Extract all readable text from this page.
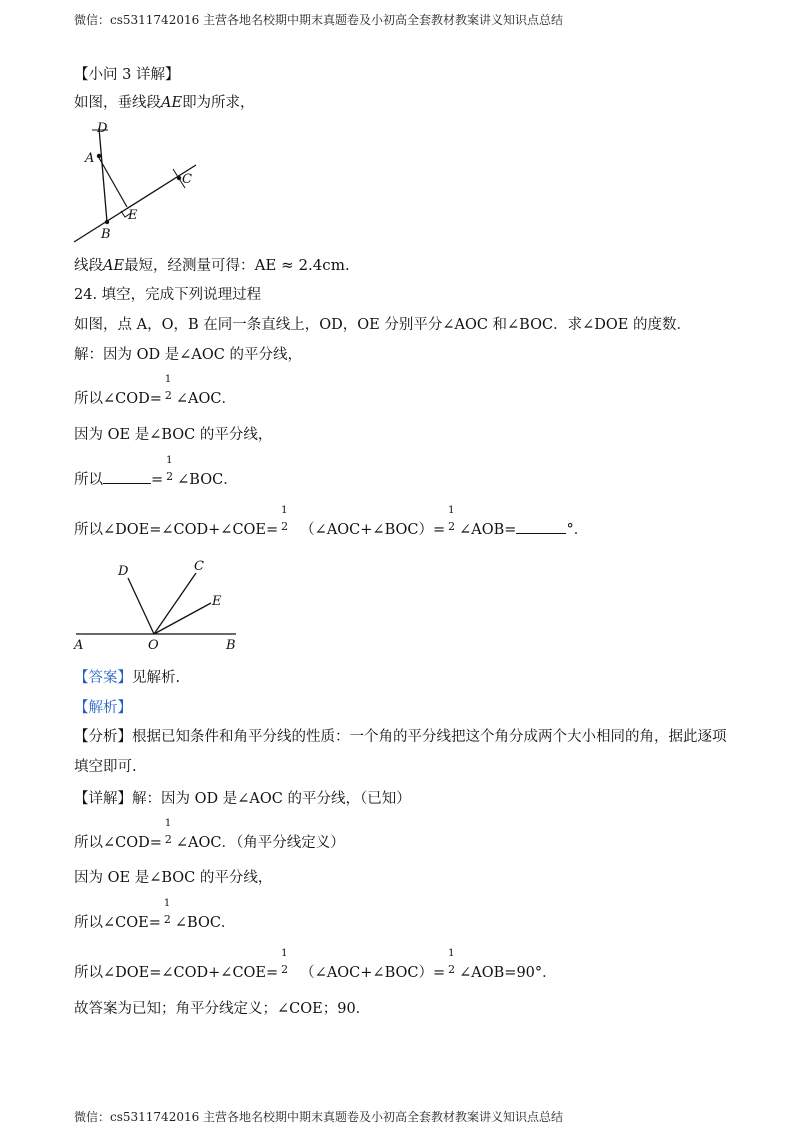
微信：cs5311742016 主营各地名校期中期末真题卷及小初高全套教材教案讲义知识点总结
【小问 3 详解】
如图，垂线段AE即为所求，
D
A
C
E
B
线段AE最短，经测量可得：AE ≈ 2.4cm.
24. 填空，完成下列说理过程
如图，点 A，O，B 在同一条直线上，OD，OE 分别平分∠AOC 和∠BOC．求∠DOE 的度数．
解：因为 OD 是∠AOC 的平分线，
所以∠COD=
1
2 ∠AOC．
因为 OE 是∠BOC 的平分线，
所以	=
1
2 ∠BOC．
所以∠DOE=∠COD+∠COE=
1
2 （∠AOC+∠BOC）=
1
2 ∠AOB=	°．
D	C
E
A	O	B
【答案】见解析.
【解析】
【分析】根据已知条件和角平分线的性质：一个角的平分线把这个角分成两个大小相同的角，据此逐项填空即可.
【详解】解：因为 OD 是∠AOC 的平分线，（已知）
所以∠COD=
1
2 ∠AOC．（角平分线定义）
因为 OE 是∠BOC 的平分线，
所以∠COE=
1
2 ∠BOC．
所以∠DOE=∠COD+∠COE=
1
2 （∠AOC+∠BOC）=
1
2 ∠AOB=90°．
故答案为已知；角平分线定义；∠COE；90．
微信：cs5311742016 主营各地名校期中期末真题卷及小初高全套教材教案讲义知识点总结
